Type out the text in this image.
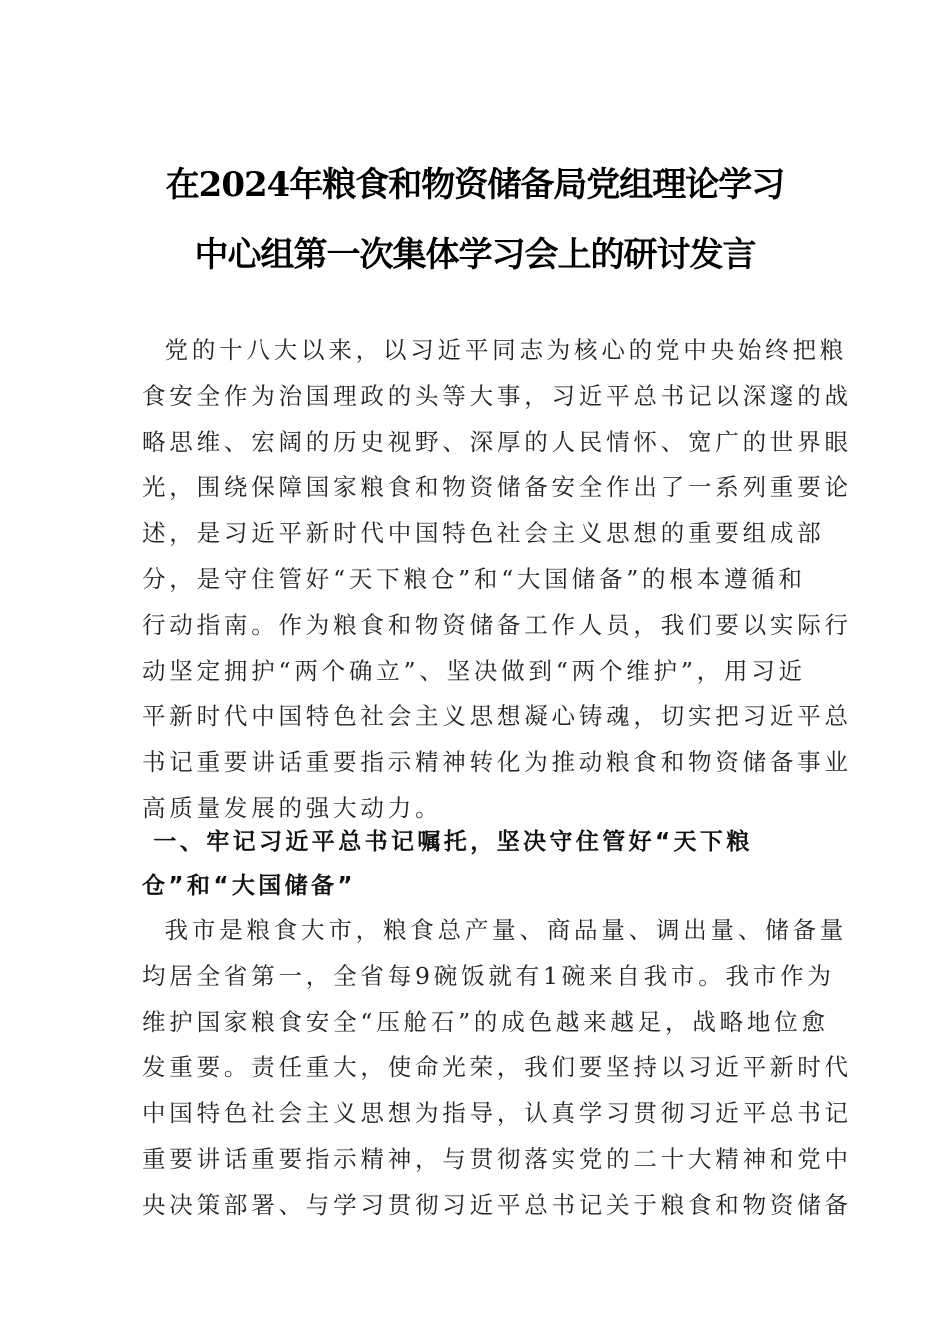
在2024年粮食和物资储备局党组理论学习
中心组第一次集体学习会上的研讨发言
党的十八大以来，以习近平同志为核心的党中央始终把粮
食安全作为治国理政的头等大事，习近平总书记以深邃的战
略思维、宏阔的历史视野、深厚的人民情怀、宽广的世界眼
光，围绕保障国家粮食和物资储备安全作出了一系列重要论
述，是习近平新时代中国特色社会主义思想的重要组成部
分，是守住管好“天下粮仓”和“大国储备”的根本遵循和
行动指南。作为粮食和物资储备工作人员，我们要以实际行
动坚定拥护“两个确立”、坚决做到“两个维护”，用习近
平新时代中国特色社会主义思想凝心铸魂，切实把习近平总
书记重要讲话重要指示精神转化为推动粮食和物资储备事业
高质量发展的强大动力。
一、牢记习近平总书记嘱托，坚决守住管好“天下粮
仓”和“大国储备”
我市是粮食大市，粮食总产量、商品量、调出量、储备量
均居全省第一，全省每9碗饭就有1碗来自我市。我市作为
维护国家粮食安全“压舱石”的成色越来越足，战略地位愈
发重要。责任重大，使命光荣，我们要坚持以习近平新时代
中国特色社会主义思想为指导，认真学习贯彻习近平总书记
重要讲话重要指示精神，与贯彻落实党的二十大精神和党中
央决策部署、与学习贯彻习近平总书记关于粮食和物资储备
